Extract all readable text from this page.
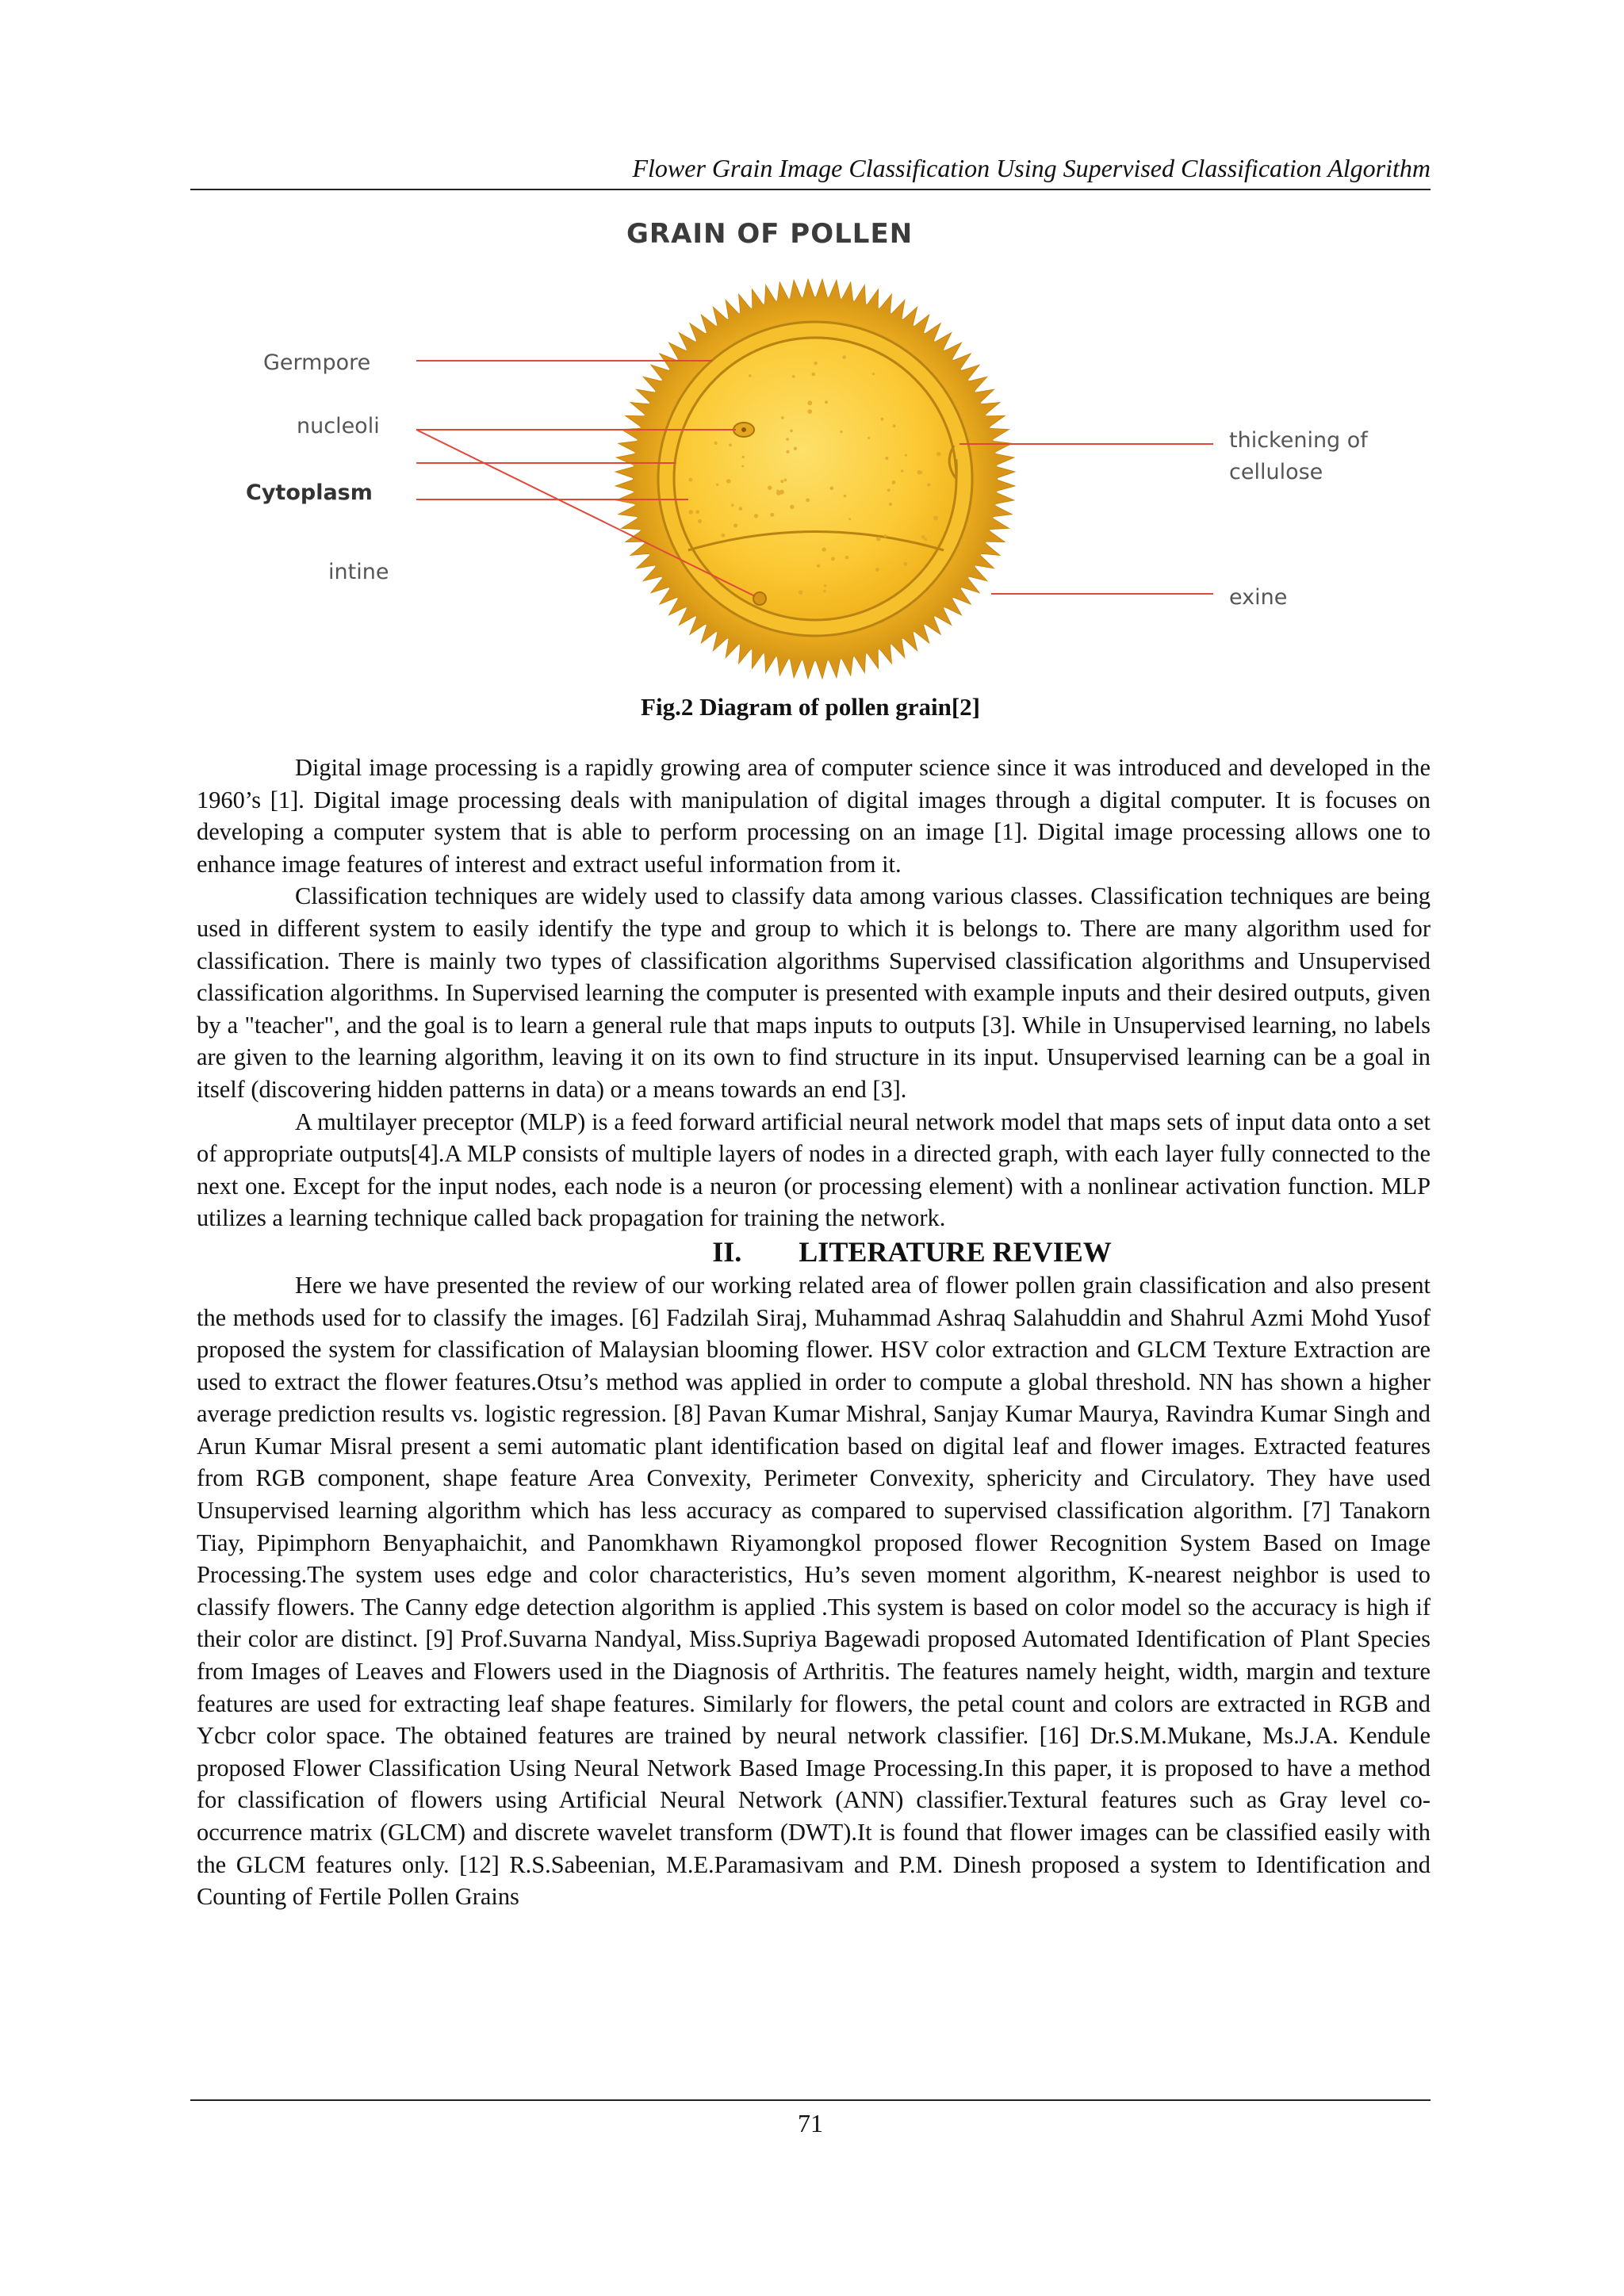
Flower Grain Image Classification Using Supervised Classification Algorithm
GRAIN OF POLLEN
Germpore
nucleoli
Cytoplasm
intine
thickening of
cellulose
exine
Fig.2 Diagram of pollen grain[2]

Digital image processing is a rapidly growing area of computer science since it was introduced and developed in the 1960’s [1]. Digital image processing deals with manipulation of digital images through a digital computer. It is focuses on developing a computer system that is able to perform processing on an image [1]. Digital image processing allows one to enhance image features of interest and extract useful information from it.

Classification techniques are widely used to classify data among various classes. Classification techniques are being used in different system to easily identify the type and group to which it is belongs to. There are many algorithm used for classification. There is mainly two types of classification algorithms Supervised classification algorithms and Unsupervised classification algorithms. In Supervised learning the computer is presented with example inputs and their desired outputs, given by a "teacher", and the goal is to learn a general rule that maps inputs to outputs [3]. While in Unsupervised learning, no labels are given to the learning algorithm, leaving it on its own to find structure in its input. Unsupervised learning can be a goal in itself (discovering hidden patterns in data) or a means towards an end [3].

A multilayer preceptor (MLP) is a feed forward artificial neural network model that maps sets of input data onto a set of appropriate outputs[4].A MLP consists of multiple layers of nodes in a directed graph, with each layer fully connected to the next one. Except for the input nodes, each node is a neuron (or processing element) with a nonlinear activation function. MLP utilizes a learning technique called back propagation for training the network.

II. LITERATURE REVIEW

Here we have presented the review of our working related area of flower pollen grain classification and also present the methods used for to classify the images. [6] Fadzilah Siraj, Muhammad Ashraq Salahuddin and Shahrul Azmi Mohd Yusof proposed the system for classification of Malaysian blooming flower. HSV color extraction and GLCM Texture Extraction are used to extract the flower features.Otsu’s method was applied in order to compute a global threshold. NN has shown a higher average prediction results vs. logistic regression. [8] Pavan Kumar Mishral, Sanjay Kumar Maurya, Ravindra Kumar Singh and Arun Kumar Misral present a semi automatic plant identification based on digital leaf and flower images. Extracted features from RGB component, shape feature Area Convexity, Perimeter Convexity, sphericity and Circulatory. They have used Unsupervised learning algorithm which has less accuracy as compared to supervised classification algorithm. [7] Tanakorn Tiay, Pipimphorn Benyaphaichit, and Panomkhawn Riyamongkol proposed flower Recognition System Based on Image Processing.The system uses edge and color characteristics, Hu’s seven moment algorithm, K-nearest neighbor is used to classify flowers. The Canny edge detection algorithm is applied .This system is based on color model so the accuracy is high if their color are distinct. [9] Prof.Suvarna Nandyal, Miss.Supriya Bagewadi proposed Automated Identification of Plant Species from Images of Leaves and Flowers used in the Diagnosis of Arthritis. The features namely height, width, margin and texture features are used for extracting leaf shape features. Similarly for flowers, the petal count and colors are extracted in RGB and Ycbcr color space. The obtained features are trained by neural network classifier. [16] Dr.S.M.Mukane, Ms.J.A. Kendule proposed Flower Classification Using Neural Network Based Image Processing.In this paper, it is proposed to have a method for classification of flowers using Artificial Neural Network (ANN) classifier.Textural features such as Gray level co-occurrence matrix (GLCM) and discrete wavelet transform (DWT).It is found that flower images can be classified easily with the GLCM features only. [12] R.S.Sabeenian, M.E.Paramasivam and P.M. Dinesh proposed a system to Identification and Counting of Fertile Pollen Grains

71
